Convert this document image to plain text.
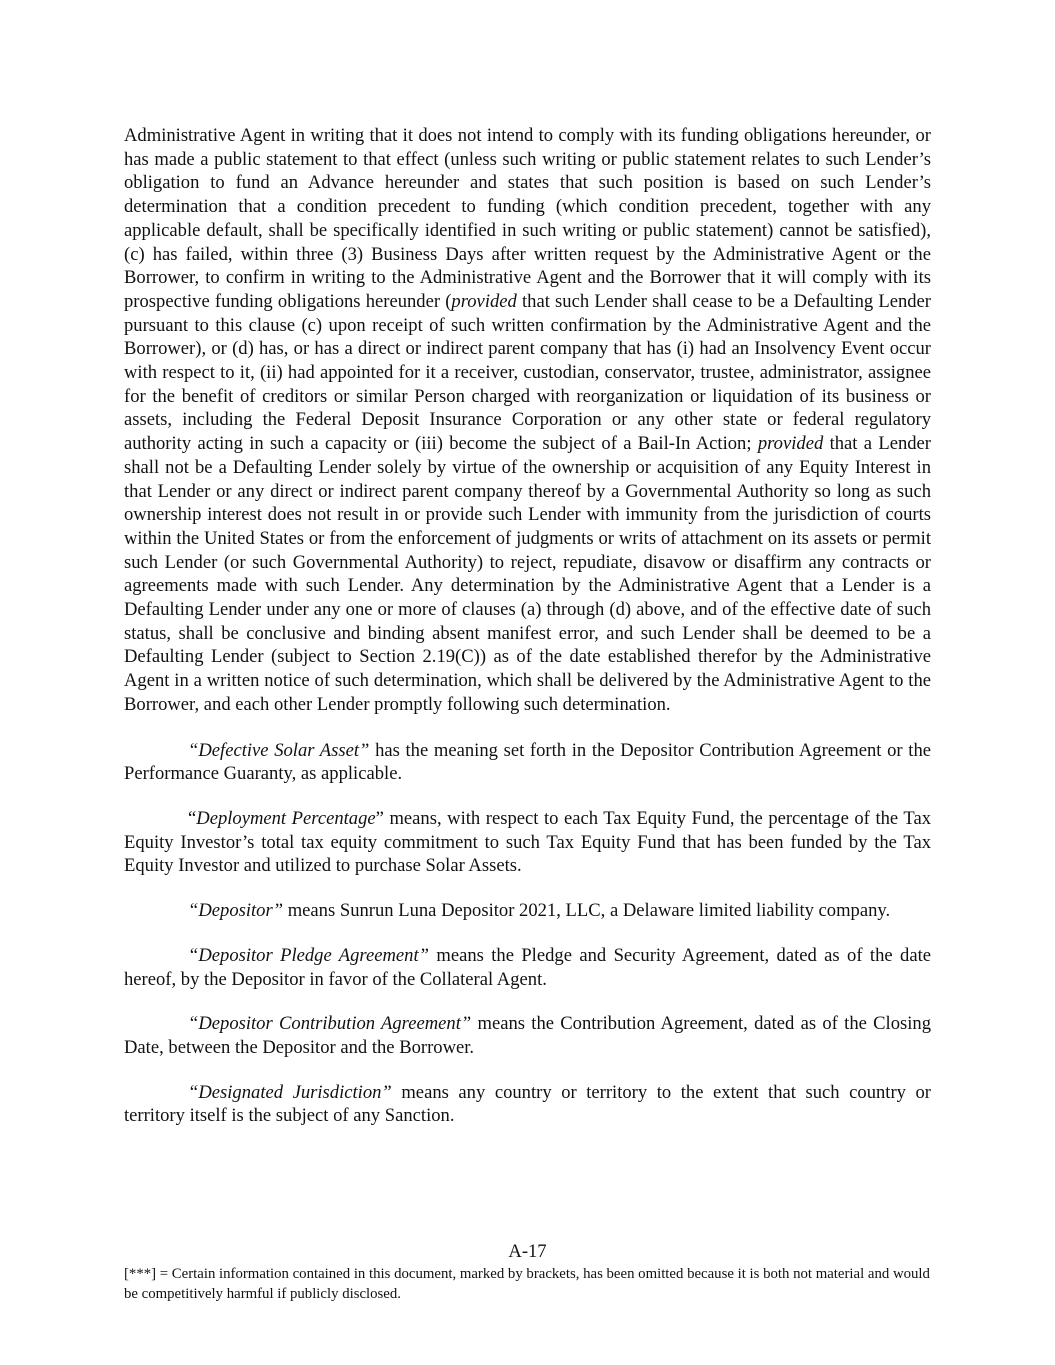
Administrative Agent in writing that it does not intend to comply with its funding obligations hereunder, or has made a public statement to that effect (unless such writing or public statement relates to such Lender’s obligation to fund an Advance hereunder and states that such position is based on such Lender’s determination that a condition precedent to funding (which condition precedent, together with any applicable default, shall be specifically identified in such writing or public statement) cannot be satisfied), (c) has failed, within three (3) Business Days after written request by the Administrative Agent or the Borrower, to confirm in writing to the Administrative Agent and the Borrower that it will comply with its prospective funding obligations hereunder (provided that such Lender shall cease to be a Defaulting Lender pursuant to this clause (c) upon receipt of such written confirmation by the Administrative Agent and the Borrower), or (d) has, or has a direct or indirect parent company that has (i) had an Insolvency Event occur with respect to it, (ii) had appointed for it a receiver, custodian, conservator, trustee, administrator, assignee for the benefit of creditors or similar Person charged with reorganization or liquidation of its business or assets, including the Federal Deposit Insurance Corporation or any other state or federal regulatory authority acting in such a capacity or (iii) become the subject of a Bail-In Action; provided that a Lender shall not be a Defaulting Lender solely by virtue of the ownership or acquisition of any Equity Interest in that Lender or any direct or indirect parent company thereof by a Governmental Authority so long as such ownership interest does not result in or provide such Lender with immunity from the jurisdiction of courts within the United States or from the enforcement of judgments or writs of attachment on its assets or permit such Lender (or such Governmental Authority) to reject, repudiate, disavow or disaffirm any contracts or agreements made with such Lender. Any determination by the Administrative Agent that a Lender is a Defaulting Lender under any one or more of clauses (a) through (d) above, and of the effective date of such status, shall be conclusive and binding absent manifest error, and such Lender shall be deemed to be a Defaulting Lender (subject to Section 2.19(C)) as of the date established therefor by the Administrative Agent in a written notice of such determination, which shall be delivered by the Administrative Agent to the Borrower, and each other Lender promptly following such determination.

“Defective Solar Asset” has the meaning set forth in the Depositor Contribution Agreement or the Performance Guaranty, as applicable.

“Deployment Percentage” means, with respect to each Tax Equity Fund, the percentage of the Tax Equity Investor’s total tax equity commitment to such Tax Equity Fund that has been funded by the Tax Equity Investor and utilized to purchase Solar Assets.

“Depositor” means Sunrun Luna Depositor 2021, LLC, a Delaware limited liability company.

“Depositor Pledge Agreement” means the Pledge and Security Agreement, dated as of the date hereof, by the Depositor in favor of the Collateral Agent.

“Depositor Contribution Agreement” means the Contribution Agreement, dated as of the Closing Date, between the Depositor and the Borrower.

“Designated Jurisdiction” means any country or territory to the extent that such country or territory itself is the subject of any Sanction.

A-17
[***] = Certain information contained in this document, marked by brackets, has been omitted because it is both not material and would be competitively harmful if publicly disclosed.
